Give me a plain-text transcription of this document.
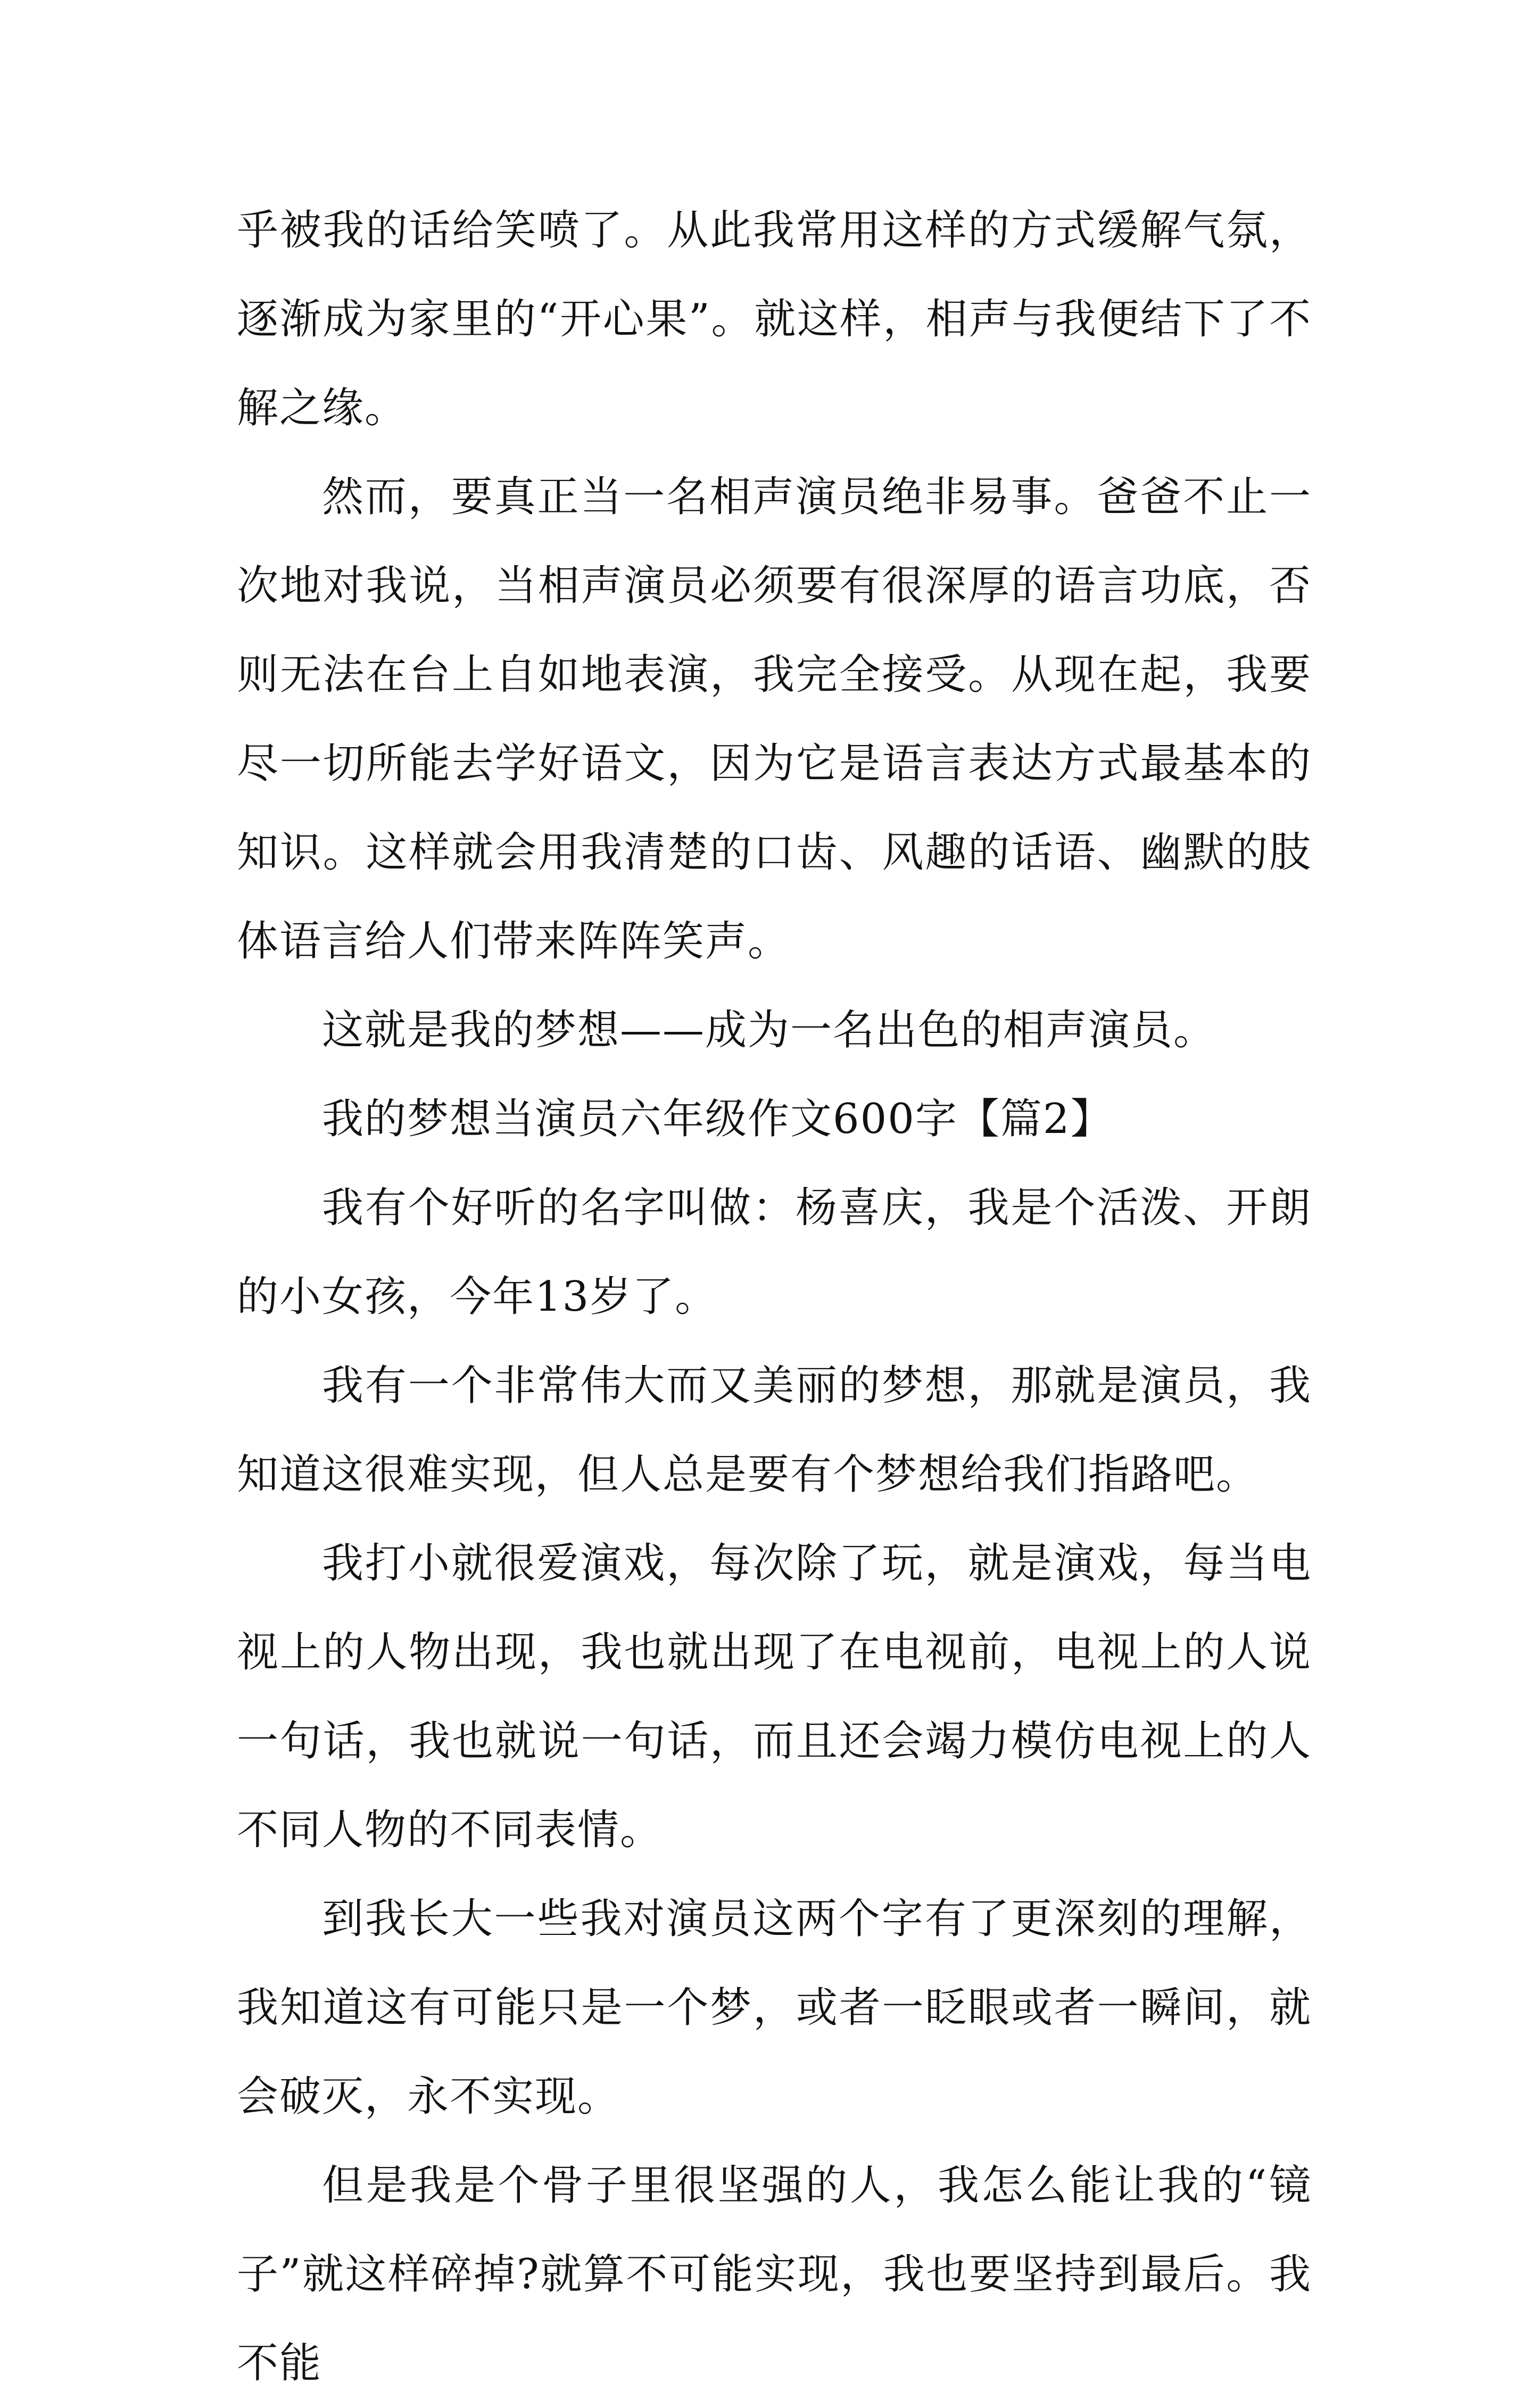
乎被我的话给笑喷了。从此我常用这样的方式缓解气氛，逐渐成为家里的“开心果”。就这样，相声与我便结下了不解之缘。

然而，要真正当一名相声演员绝非易事。爸爸不止一次地对我说，当相声演员必须要有很深厚的语言功底，否则无法在台上自如地表演，我完全接受。从现在起，我要尽一切所能去学好语文，因为它是语言表达方式最基本的知识。这样就会用我清楚的口齿、风趣的话语、幽默的肢体语言给人们带来阵阵笑声。

这就是我的梦想——成为一名出色的相声演员。

我的梦想当演员六年级作文600字【篇2】

我有个好听的名字叫做：杨喜庆，我是个活泼、开朗的小女孩，今年13岁了。

我有一个非常伟大而又美丽的梦想，那就是演员，我知道这很难实现，但人总是要有个梦想给我们指路吧。

我打小就很爱演戏，每次除了玩，就是演戏，每当电视上的人物出现，我也就出现了在电视前，电视上的人说一句话，我也就说一句话，而且还会竭力模仿电视上的人不同人物的不同表情。

到我长大一些我对演员这两个字有了更深刻的理解，我知道这有可能只是一个梦，或者一眨眼或者一瞬间，就会破灭，永不实现。

但是我是个骨子里很坚强的人，我怎么能让我的“镜子”就这样碎掉?就算不可能实现，我也要坚持到最后。我不能
